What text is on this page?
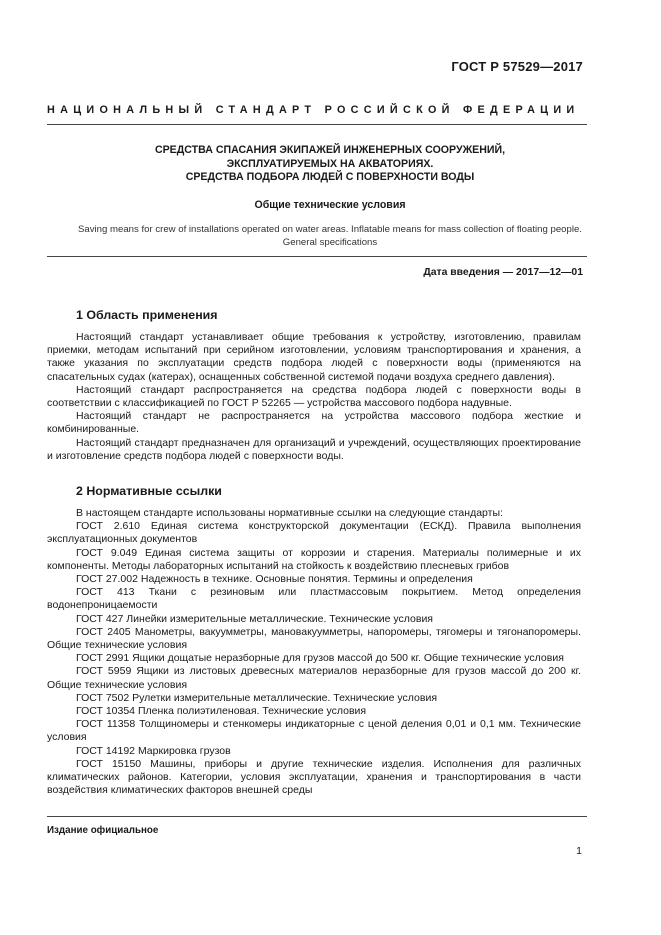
ГОСТ Р 57529—2017
НАЦИОНАЛЬНЫЙ СТАНДАРТ РОССИЙСКОЙ ФЕДЕРАЦИИ
СРЕДСТВА СПАСАНИЯ ЭКИПАЖЕЙ ИНЖЕНЕРНЫХ СООРУЖЕНИЙ,
ЭКСПЛУАТИРУЕМЫХ НА АКВАТОРИЯХ.
СРЕДСТВА ПОДБОРА ЛЮДЕЙ С ПОВЕРХНОСТИ ВОДЫ
Общие технические условия
Saving means for crew of installations operated on water areas. Inflatable means for mass collection of floating people.
General specifications
Дата введения — 2017—12—01
1 Область применения

Настоящий стандарт устанавливает общие требования к устройству, изготовлению, правилам приемки, методам испытаний при серийном изготовлении, условиям транспортирования и хранения, а также указания по эксплуатации средств подбора людей с поверхности воды (применяются на спасательных судах (катерах), оснащенных собственной системой подачи воздуха среднего давления).

Настоящий стандарт распространяется на средства подбора людей с поверхности воды в соответствии с классификацией по ГОСТ Р 52265 — устройства массового подбора надувные.

Настоящий стандарт не распространяется на устройства массового подбора жесткие и комбинированные.

Настоящий стандарт предназначен для организаций и учреждений, осуществляющих проектирование и изготовление средств подбора людей с поверхности воды.

2 Нормативные ссылки

В настоящем стандарте использованы нормативные ссылки на следующие стандарты:

ГОСТ 2.610 Единая система конструкторской документации (ЕСКД). Правила выполнения эксплуатационных документов

ГОСТ 9.049 Единая система защиты от коррозии и старения. Материалы полимерные и их компоненты. Методы лабораторных испытаний на стойкость к воздействию плесневых грибов

ГОСТ 27.002 Надежность в технике. Основные понятия. Термины и определения

ГОСТ 413 Ткани с резиновым или пластмассовым покрытием. Метод определения водонепроницаемости

ГОСТ 427 Линейки измерительные металлические. Технические условия

ГОСТ 2405 Манометры, вакуумметры, мановакуумметры, напоромеры, тягомеры и тягонапоромеры. Общие технические условия

ГОСТ 2991 Ящики дощатые неразборные для грузов массой до 500 кг. Общие технические условия

ГОСТ 5959 Ящики из листовых древесных материалов неразборные для грузов массой до 200 кг. Общие технические условия

ГОСТ 7502 Рулетки измерительные металлические. Технические условия

ГОСТ 10354 Пленка полиэтиленовая. Технические условия

ГОСТ 11358 Толщиномеры и стенкомеры индикаторные с ценой деления 0,01 и 0,1 мм. Технические условия

ГОСТ 14192 Маркировка грузов

ГОСТ 15150 Машины, приборы и другие технические изделия. Исполнения для различных климатических районов. Категории, условия эксплуатации, хранения и транспортирования в части воздействия климатических факторов внешней среды

Издание официальное
1
